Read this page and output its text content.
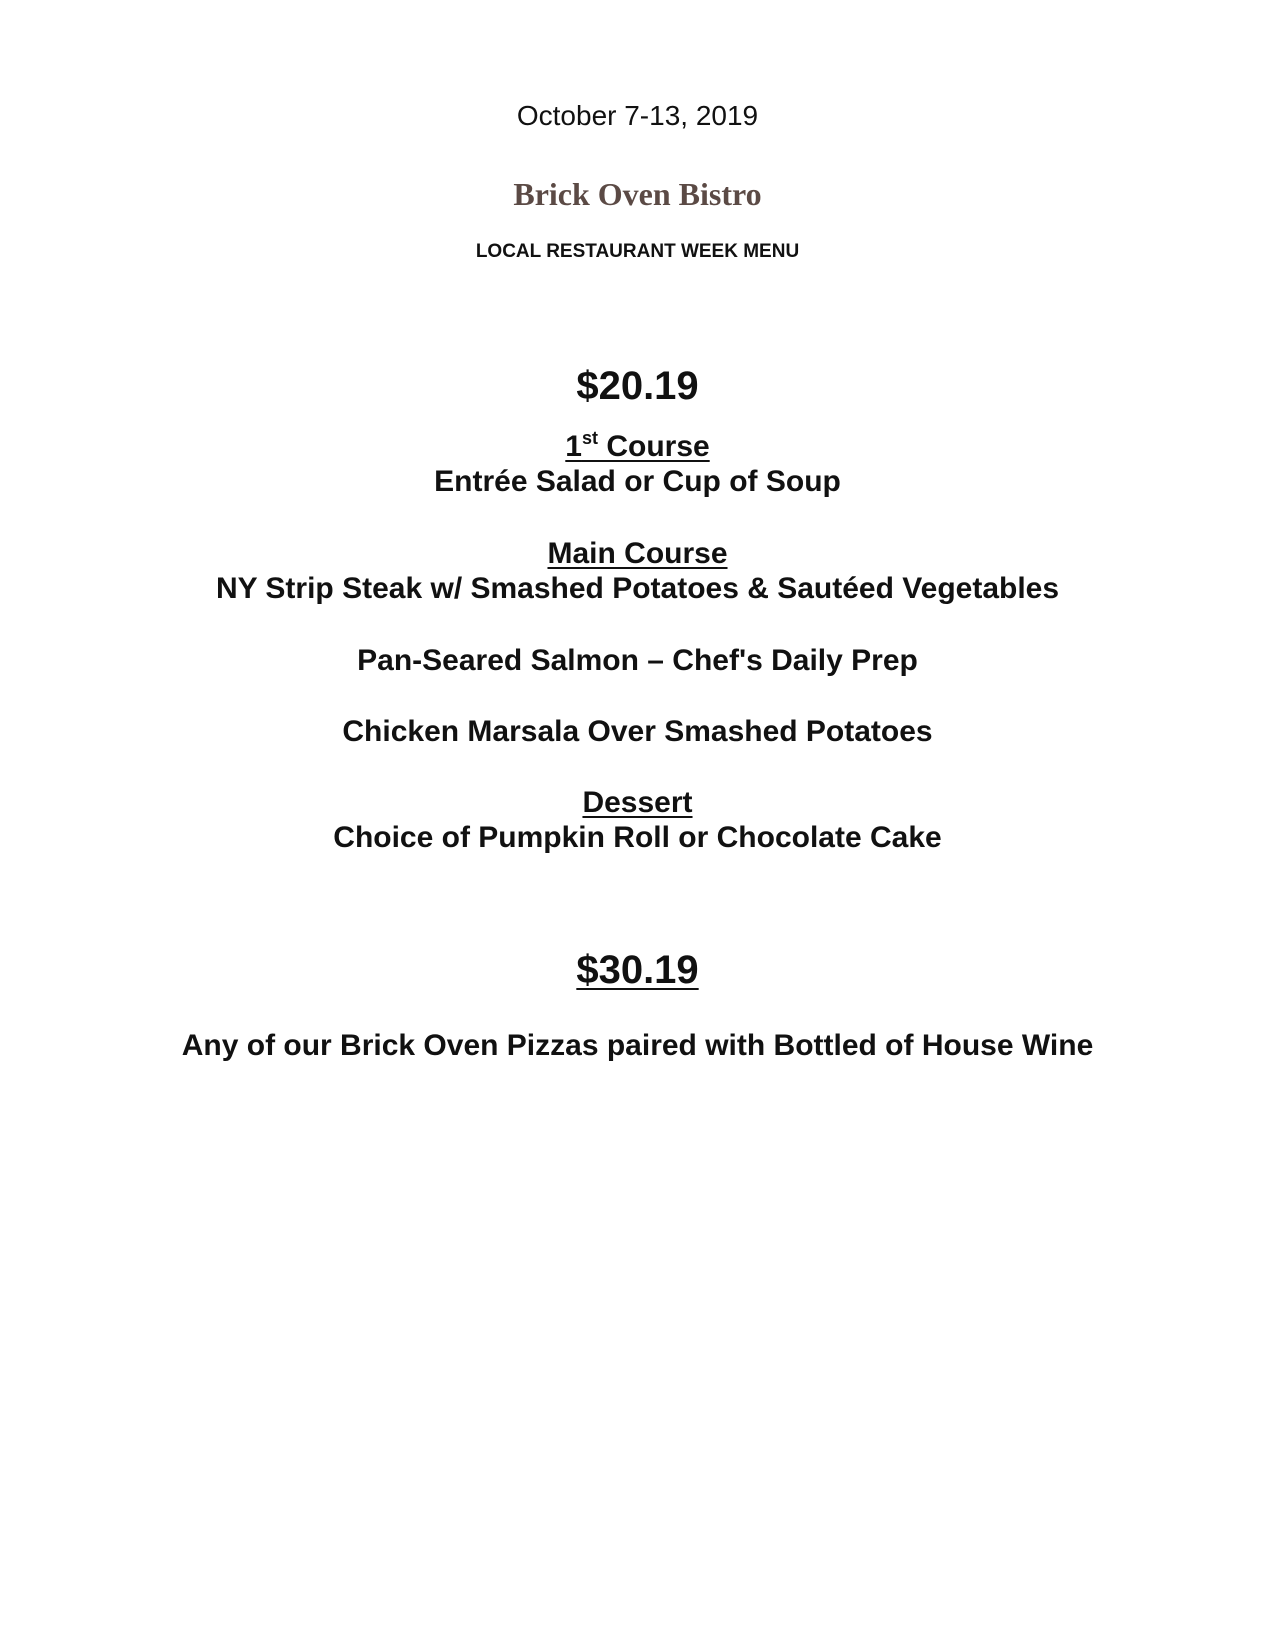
October 7-13, 2019
Brick Oven Bistro
LOCAL RESTAURANT WEEK MENU
$20.19
1st Course
Entrée Salad or Cup of Soup
Main Course
NY Strip Steak w/ Smashed Potatoes & Sautéed Vegetables
Pan-Seared Salmon – Chef's Daily Prep
Chicken Marsala Over Smashed Potatoes
Dessert
Choice of Pumpkin Roll or Chocolate Cake
$30.19
Any of our Brick Oven Pizzas paired with Bottled of House Wine
